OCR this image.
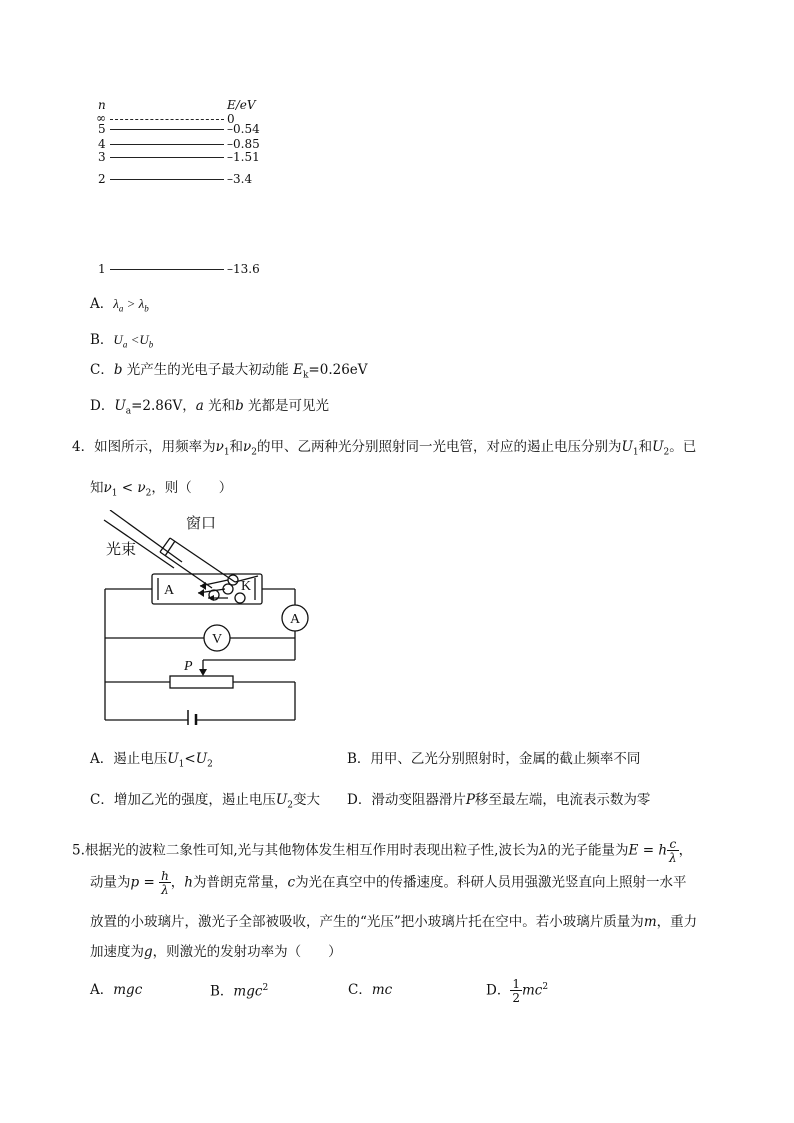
n	E/eV
∞	0
5	–0.54
4	–0.85
3	–1.51
2	–3.4
1	–13.6
A．$\lambda_a > \lambda_b$
B．$U_a <U_b$
C．b 光产生的光电子最大初动能 $E_k=0.26eV$
D．$U_a=2.86V$，a 光和b 光都是可见光
4．如图所示，用频率为$\nu_1$和$\nu_2$的甲、乙两种光分别照射同一光电管，对应的遏止电压分别为$U_1$和$U_2$。已
知$\nu_1 < \nu_2$，则（　　）
窗口
光束
A	K
A
V
P
A．遏止电压$U_1<U_2$	B．用甲、乙光分别照射时，金属的截止频率不同
C．增加乙光的强度，遏止电压$U_2$变大 D．滑动变阻器滑片P移至最左端，电流表示数为零
5.根据光的波粒二象性可知,光与其他物体发生相互作用时表现出粒子性,波长为λ的光子能量为E = h $\frac{c}{\lambda}$ ，
动量为$p = \frac{h}{\lambda}$ ，h为普朗克常量，c为光在真空中的传播速度。科研人员用强激光竖直向上照射一水平
放置的小玻璃片，激光子全部被吸收，产生的“光压”把小玻璃片托在空中。若小玻璃片质量为m，重力
加速度为g，则激光的发射功率为（　　）
A．mgc	B．mgc$^2$	C．mc	D． $\frac{1}{2} mc^2$
